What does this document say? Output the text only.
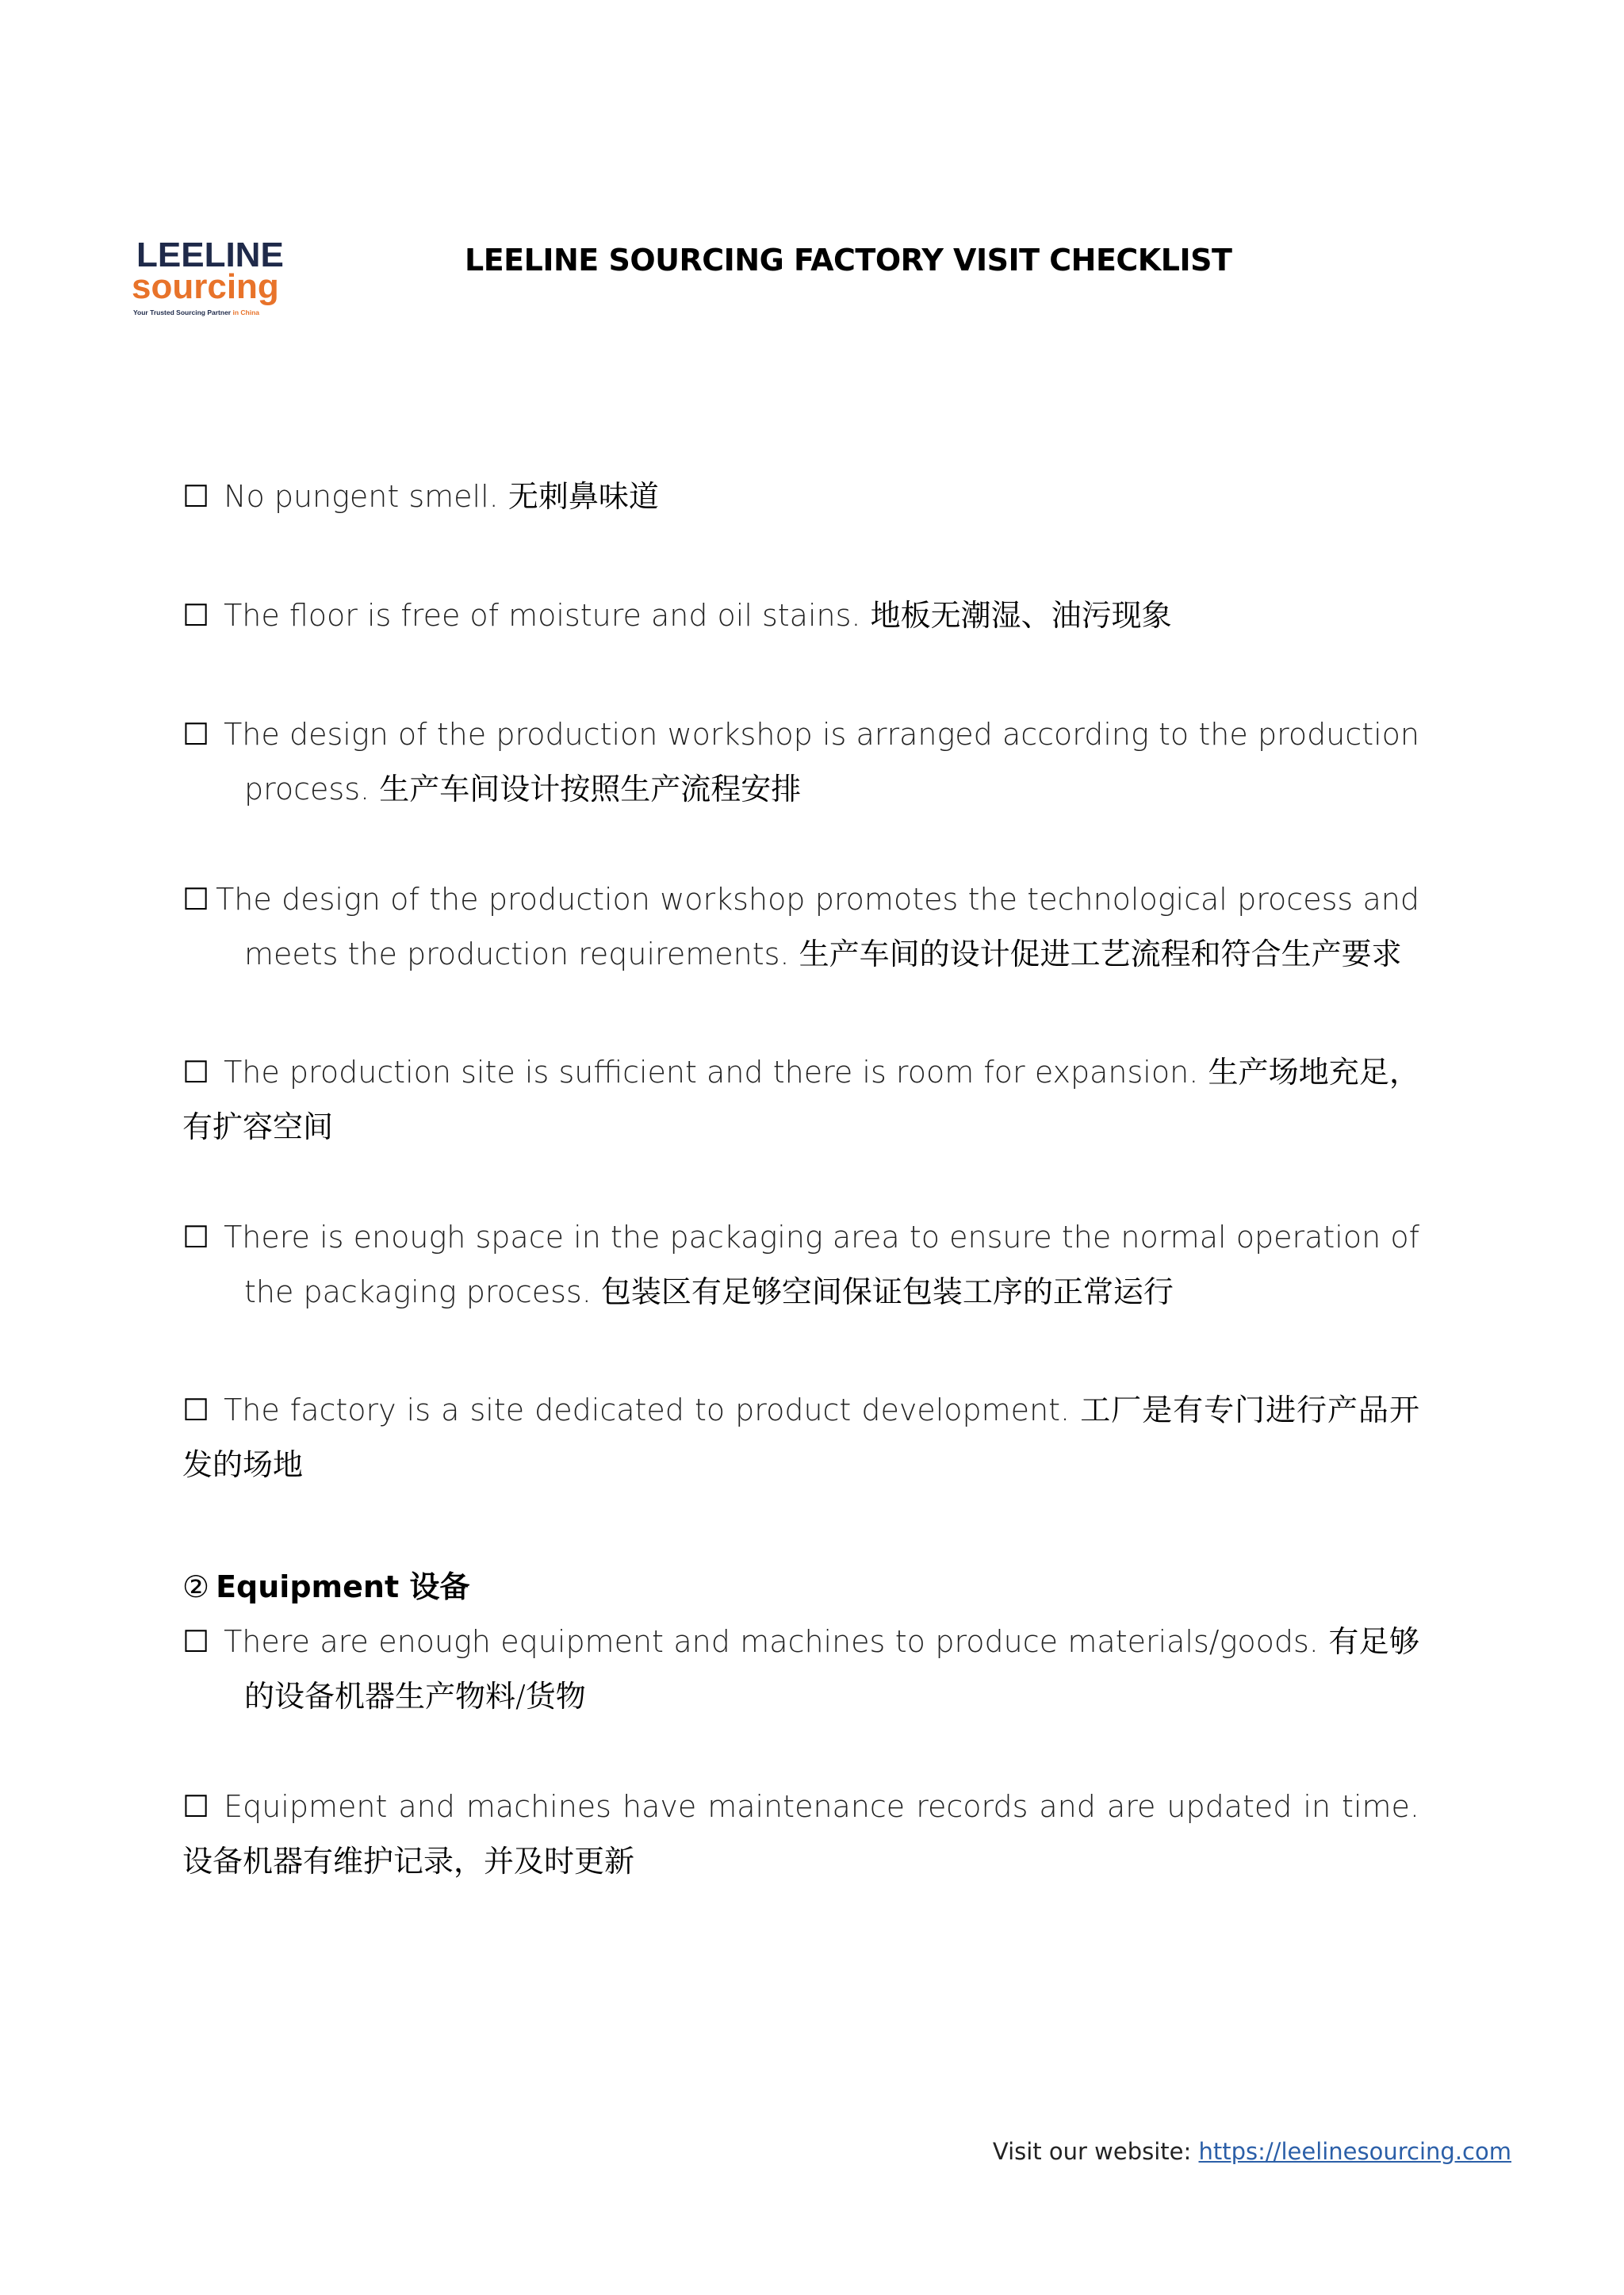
LEELINE
sourcing
Your Trusted Sourcing Partner in China
LEELINE SOURCING FACTORY VISIT CHECKLIST
☐ No pungent smell. 无刺鼻味道
☐ The floor is free of moisture and oil stains. 地板无潮湿、油污现象
☐ The design of the production workshop is arranged according to the production
process. 生产车间设计按照生产流程安排
☐ The design of the production workshop promotes the technological process and
meets the production requirements. 生产车间的设计促进工艺流程和符合生产要求
☐ The production site is sufficient and there is room for expansion. 生产场地充足，有扩容空间
☐ There is enough space in the packaging area to ensure the normal operation of
the packaging process. 包装区有足够空间保证包装工序的正常运行
☐ The factory is a site dedicated to product development. 工厂是有专门进行产品开发的场地
② Equipment 设备
☐ There are enough equipment and machines to produce materials/goods. 有足够
的设备机器生产物料/货物
☐ Equipment and machines have maintenance records and are updated in time. 设备机器有维护记录，并及时更新
Visit our website: https://leelinesourcing.com
